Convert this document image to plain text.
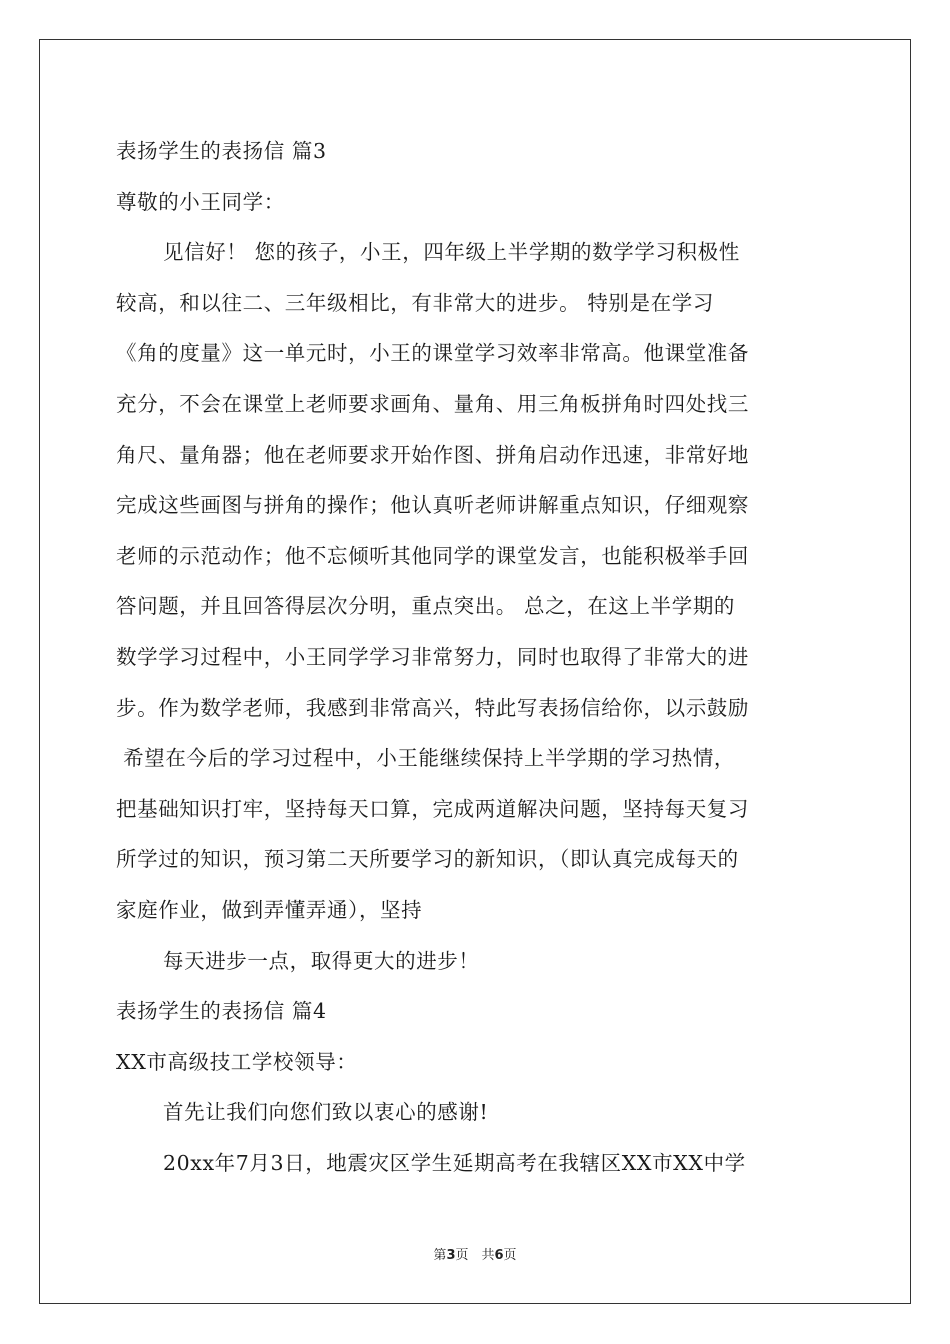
表扬学生的表扬信 篇3
尊敬的小王同学：
见信好！ 您的孩子，小王，四年级上半学期的数学学习积极性
较高，和以往二、三年级相比，有非常大的进步。 特别是在学习
《角的度量》这一单元时，小王的课堂学习效率非常高。他课堂准备
充分，不会在课堂上老师要求画角、量角、用三角板拼角时四处找三
角尺、量角器；他在老师要求开始作图、拼角启动作迅速，非常好地
完成这些画图与拼角的操作；他认真听老师讲解重点知识，仔细观察
老师的示范动作；他不忘倾听其他同学的课堂发言，也能积极举手回
答问题，并且回答得层次分明，重点突出。 总之，在这上半学期的
数学学习过程中，小王同学学习非常努力，同时也取得了非常大的进
步。作为数学老师，我感到非常高兴，特此写表扬信给你，以示鼓励
希望在今后的学习过程中，小王能继续保持上半学期的学习热情，
把基础知识打牢，坚持每天口算，完成两道解决问题，坚持每天复习
所学过的知识，预习第二天所要学习的新知识，（即认真完成每天的
家庭作业，做到弄懂弄通），坚持
每天进步一点，取得更大的进步！
表扬学生的表扬信 篇4
XX市高级技工学校领导：
首先让我们向您们致以衷心的感谢!
20xx年7月3日，地震灾区学生延期高考在我辖区XX市XX中学
第3页　共6页
